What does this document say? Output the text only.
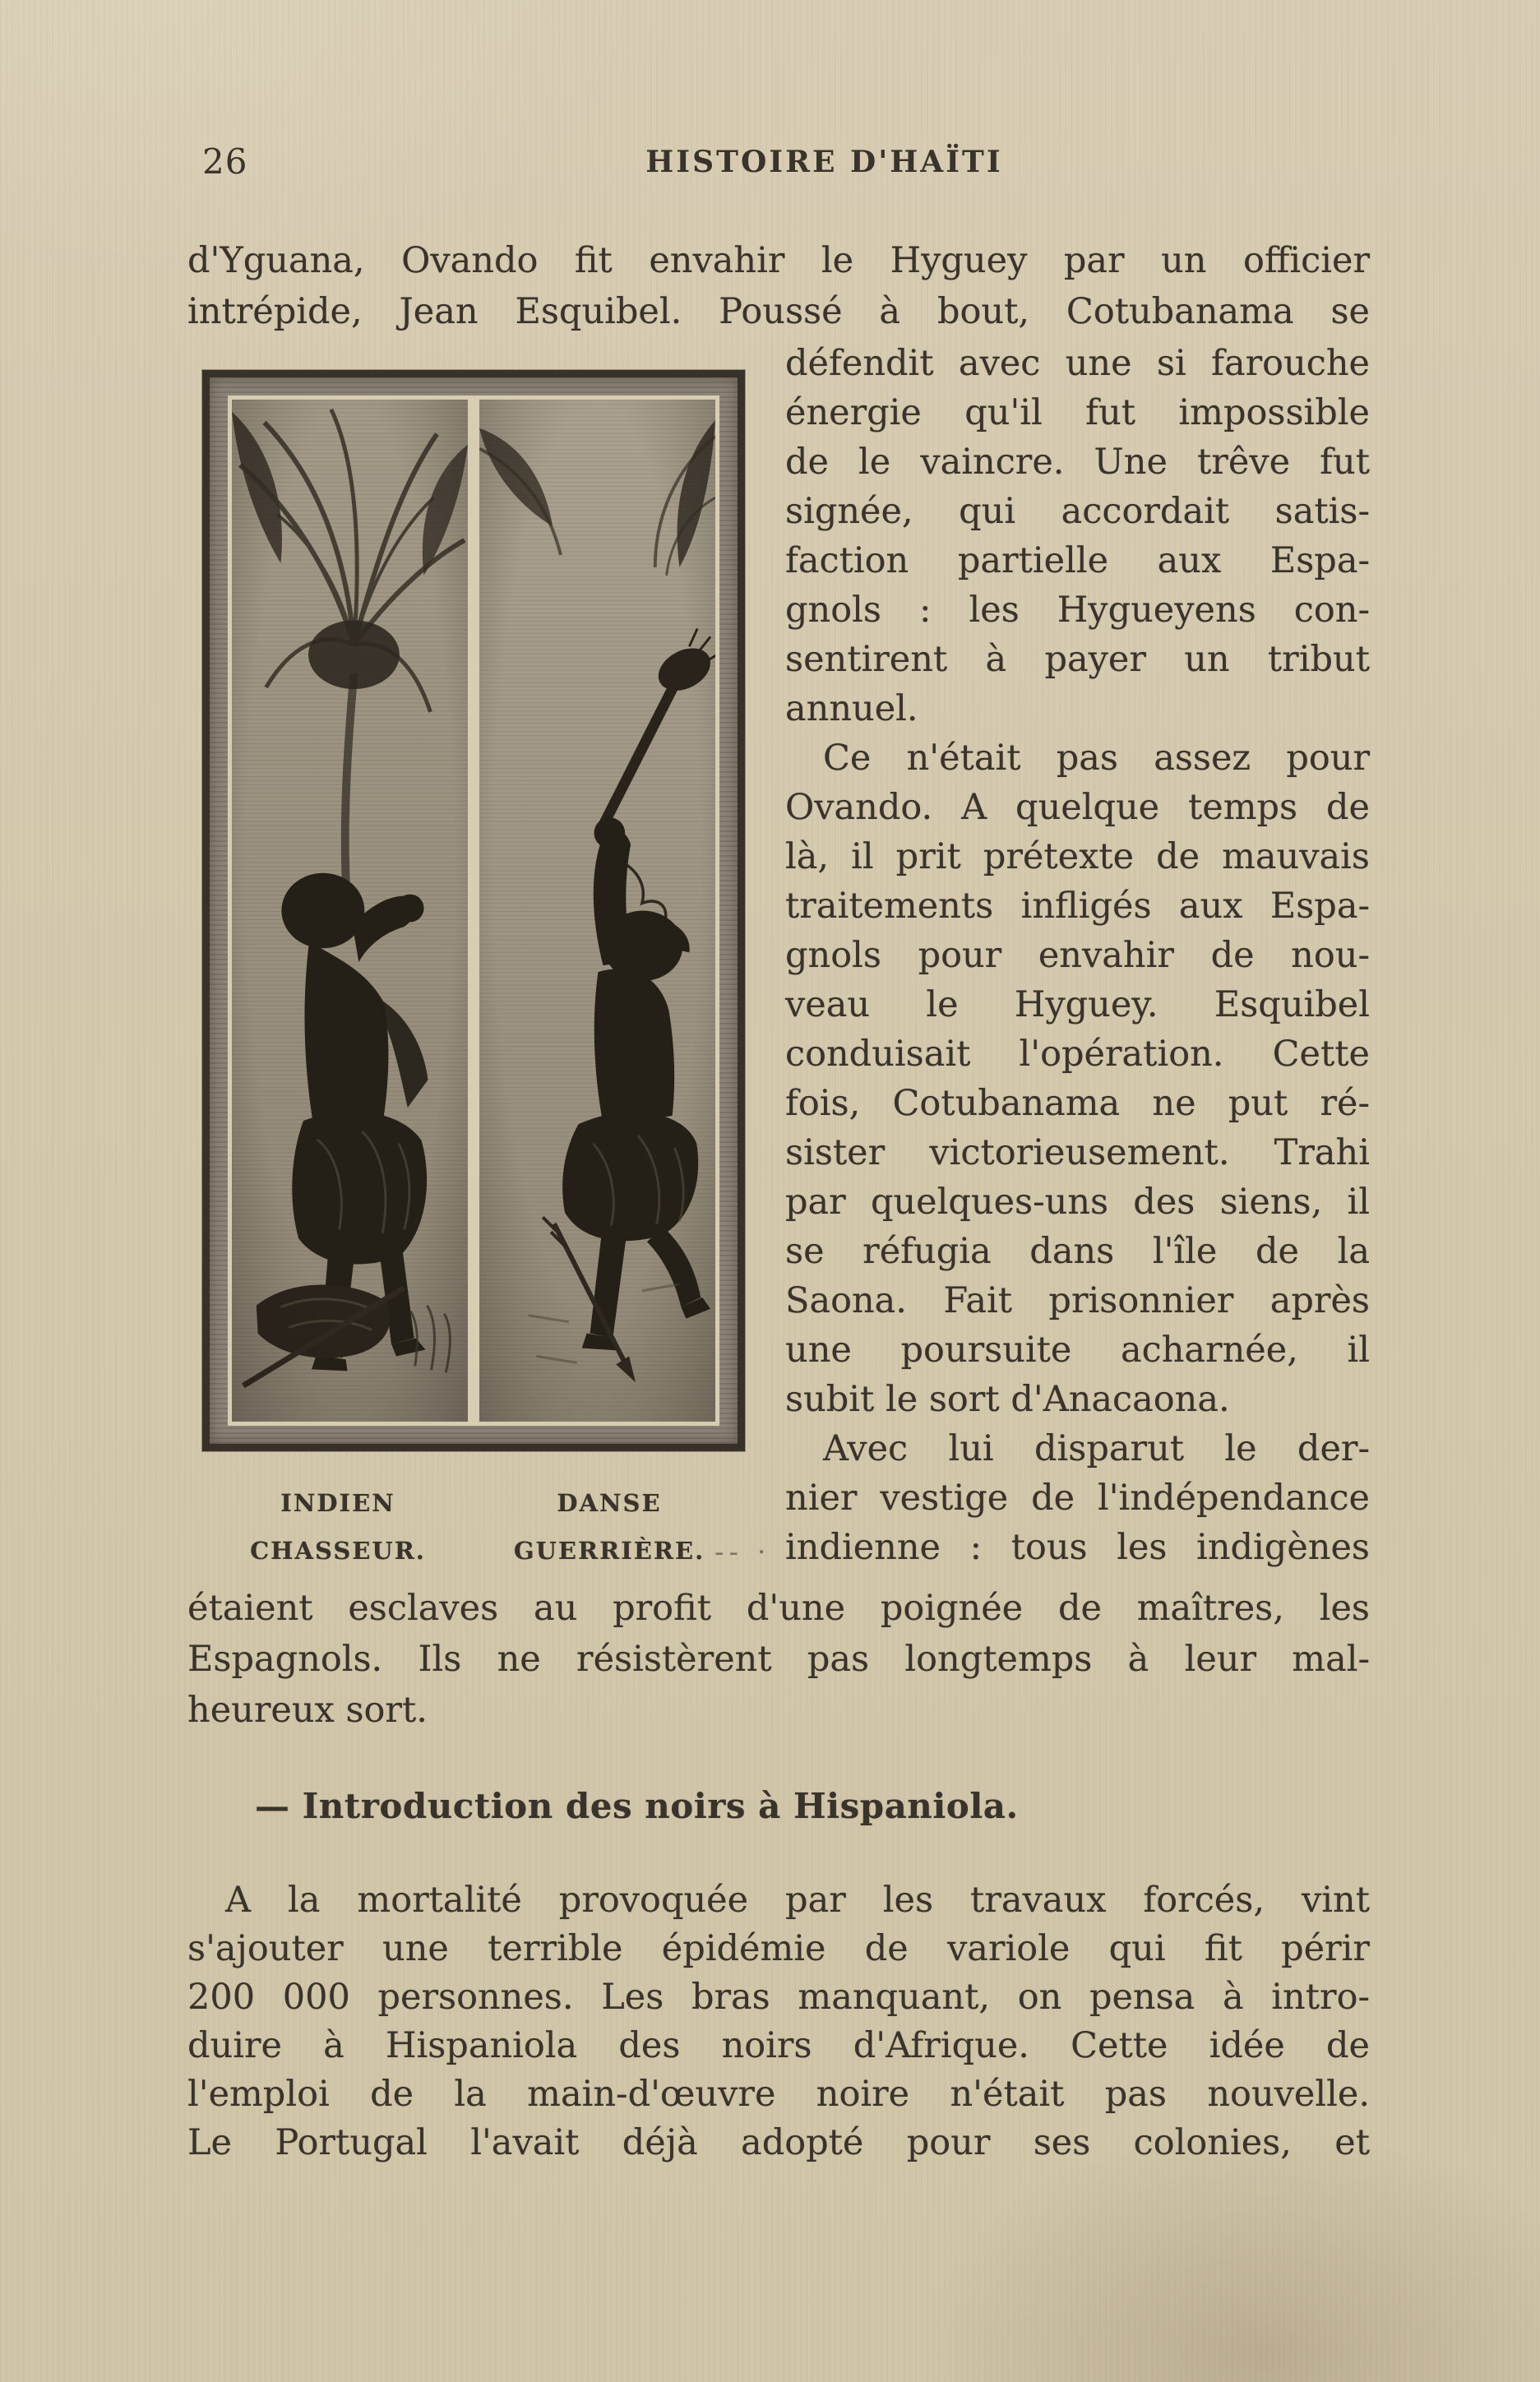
26	HISTOIRE D'HAÏTI
d'Yguana, Ovando fit envahir le Hyguey par un officier
intrépide, Jean Esquibel. Poussé à bout, Cotubanama se
INDIEN
CHASSEUR.
DANSE
GUERRIÈRE.
défendit avec une si farouche
énergie qu'il fut impossible
de le vaincre. Une trêve fut
signée, qui accordait satis-
faction partielle aux Espa-
gnols : les Hygueyens con-
sentirent à payer un tribut
annuel.
Ce n'était pas assez pour
Ovando. A quelque temps de
là, il prit prétexte de mauvais
traitements infligés aux Espa-
gnols pour envahir de nou-
veau le Hyguey. Esquibel
conduisait l'opération. Cette
fois, Cotubanama ne put ré-
sister victorieusement. Trahi
par quelques-uns des siens, il
se réfugia dans l'île de la
Saona. Fait prisonnier après
une poursuite acharnée, il
subit le sort d'Anacaona.
Avec lui disparut le der-
nier vestige de l'indépendance
-- · indienne : tous les indigènes
étaient esclaves au profit d'une poignée de maîtres, les
Espagnols. Ils ne résistèrent pas longtemps à leur mal-
heureux sort.
— Introduction des noirs à Hispaniola.
A la mortalité provoquée par les travaux forcés, vint
s'ajouter une terrible épidémie de variole qui fit périr
200 000 personnes. Les bras manquant, on pensa à intro-
duire à Hispaniola des noirs d'Afrique. Cette idée de
l'emploi de la main-d'œuvre noire n'était pas nouvelle.
Le Portugal l'avait déjà adopté pour ses colonies, et
